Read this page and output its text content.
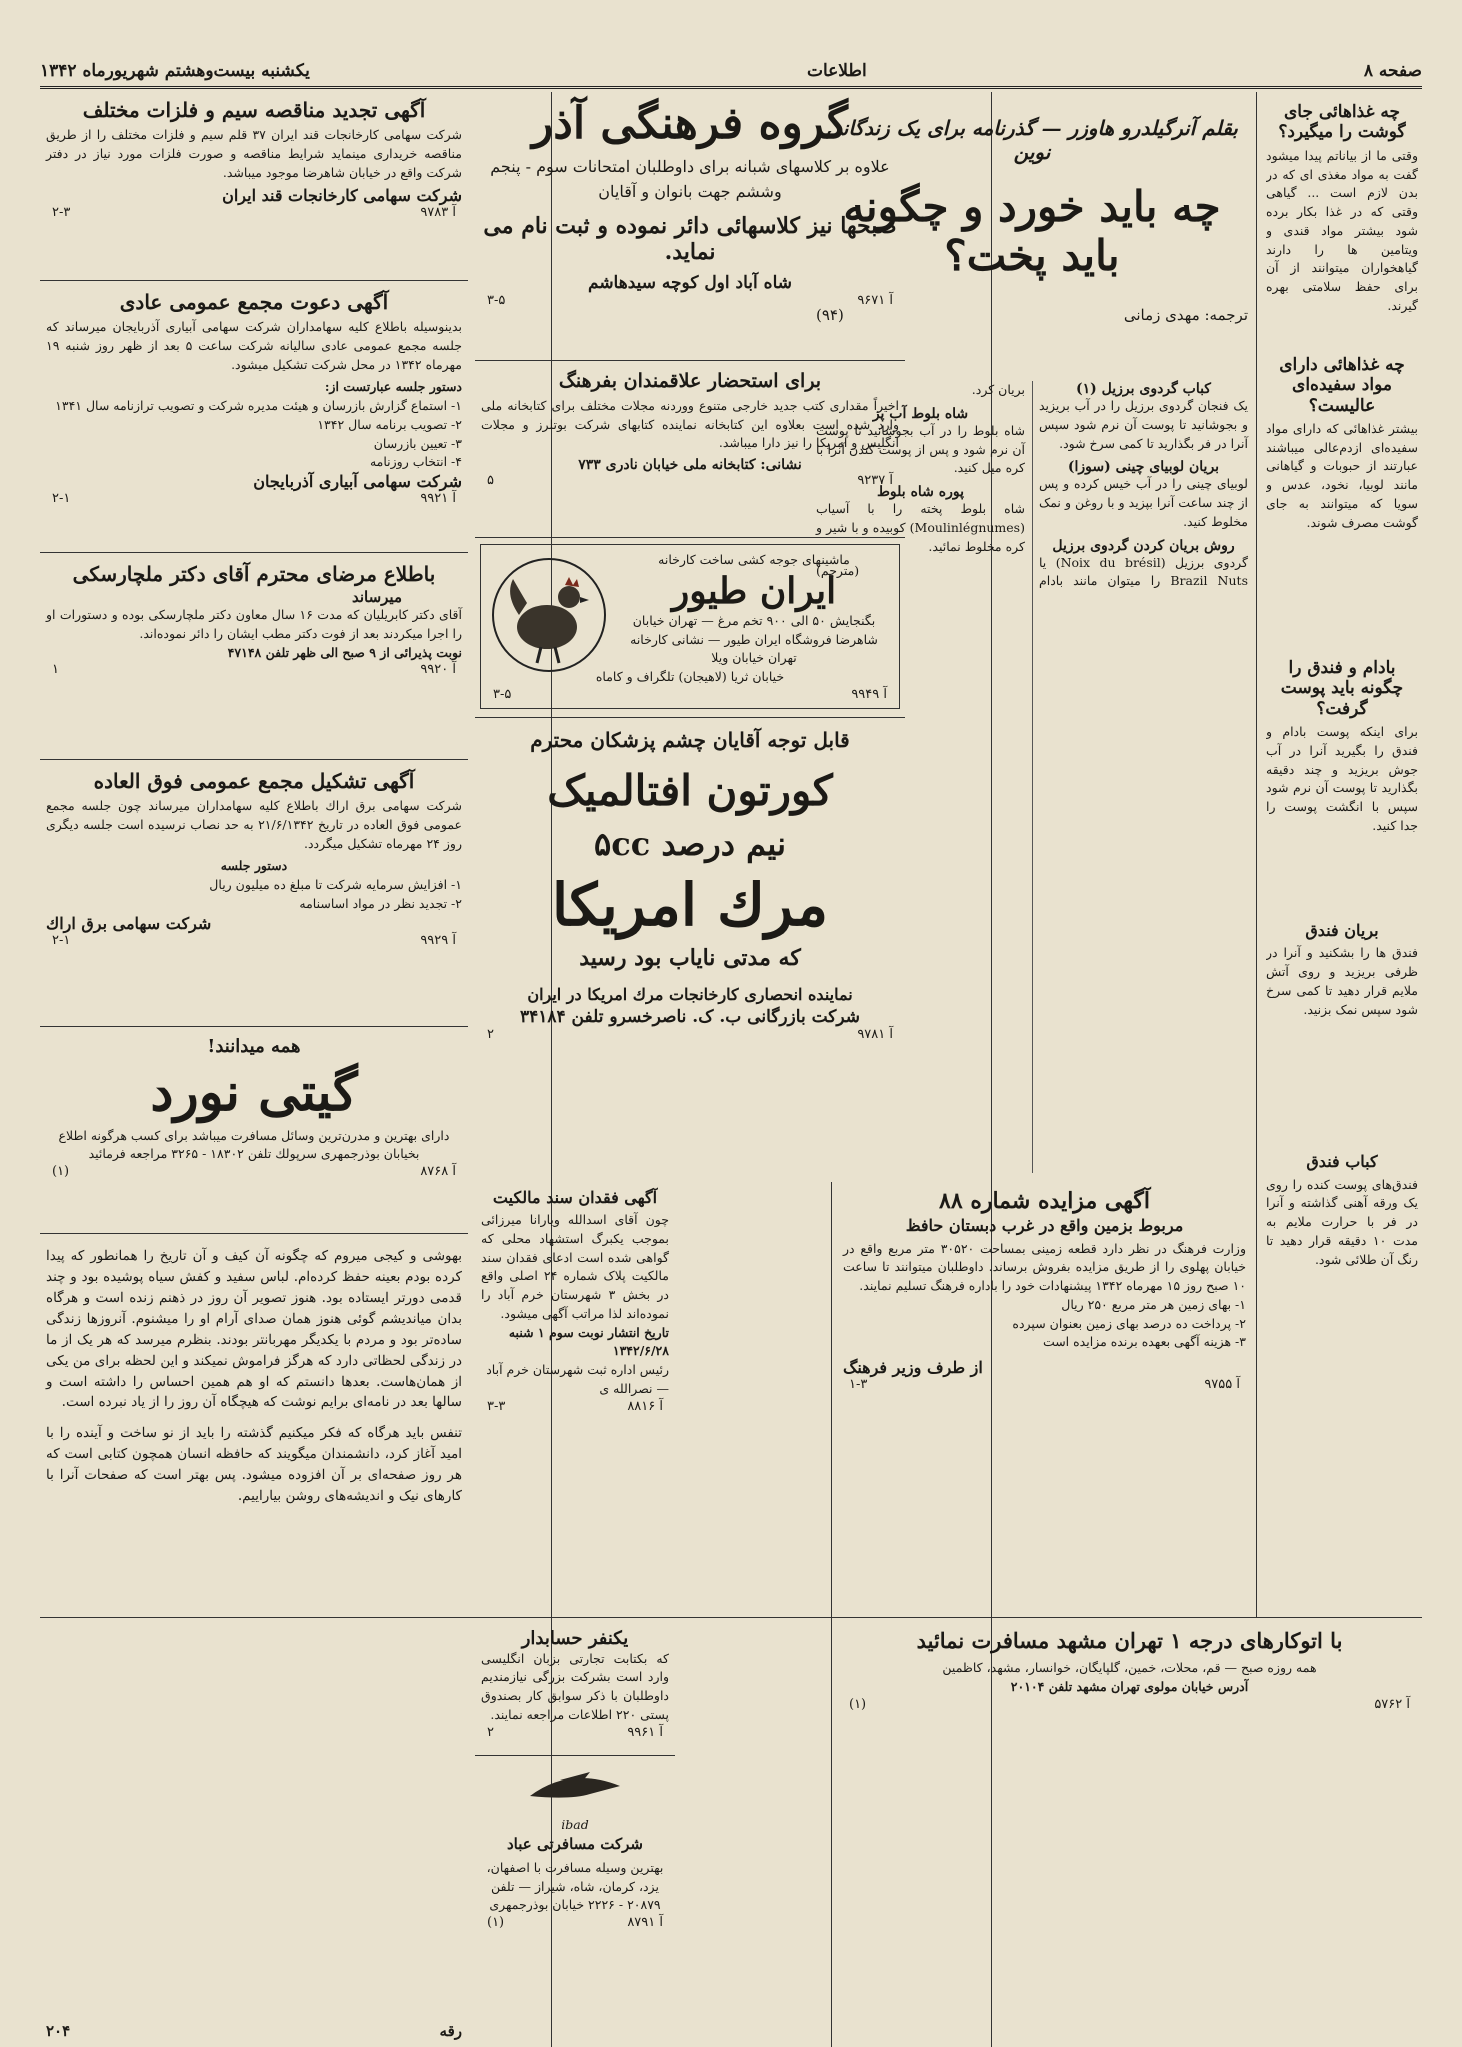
صفحه ۸
اطلاعات
یکشنبه بیست‌وهشتم شهریورماه ۱۳۴۲
چه غذاهائی جای گوشت را میگیرد؟
وقتی ما از بیاناتم پیدا میشود گفت به مواد مغذی ای که در بدن لازم است ... گیاهی وقتی که در غذا بکار برده شود بیشتر مواد قندی و ویتامین ها را دارند گیاهخواران میتوانند از آن برای حفظ سلامتی بهره گیرند.
چه غذاهائی دارای مواد سفیده‌ای عالیست؟
بیشتر غذاهائی که دارای مواد سفیده‌ای ازدم‌عالی میباشند عبارتند از حبوبات و گیاهانی مانند لوبیا، نخود، عدس و سویا که میتوانند به جای گوشت مصرف شوند.
بادام و فندق را چگونه باید پوست گرفت؟
برای اینکه پوست بادام و فندق را بگیرید آنرا در آب جوش بریزید و چند دقیقه بگذارید تا پوست آن نرم شود سپس با انگشت پوست را جدا کنید.
بریان فندق
فندق ها را بشکنید و آنرا در ظرفی بریزید و روی آتش ملایم قرار دهید تا کمی سرخ شود سپس نمک بزنید.
کباب فندق
فندق‌های پوست کنده را روی یک ورقه آهنی گذاشته و آنرا در فر با حرارت ملایم به مدت ۱۰ دقیقه قرار دهید تا رنگ آن طلائی شود.
بقلم آنرگیلدرو هاوزر — گذرنامه برای یک زندگانی نوین
چه باید خورد و چگونه باید پخت؟
ترجمه: مهدی زمانی
(۹۴)
کباب گردوی برزیل (۱)
یک فنجان گردوی برزیل را در آب بریزید و بجوشانید تا پوست آن نرم شود سپس آنرا در فر بگذارید تا کمی سرخ شود.
بریان لوبیای چینی (سوزا)
لوبیای چینی را در آب خیس کرده و پس از چند ساعت آنرا بپزید و با روغن و نمک مخلوط کنید.
روش بریان کردن گردوی برزیل
گردوی برزیل (Noix du brésil) یا Brazil Nuts را میتوان مانند بادام بریان کرد.
شاه بلوط آب پز
شاه بلوط را در آب بجوشانید تا پوست آن نرم شود و پس از پوست کندن آنرا با کره میل کنید.
پوره شاه بلوط
شاه بلوط پخته را با آسیاب (Moulinlégnumes) کوبیده و با شیر و کره مخلوط نمائید.
(مترجم)
گروه فرهنگی آذر
علاوه بر کلاسهای شبانه برای داوطلبان امتحانات سوم - پنجم وششم جهت بانوان و آقایان
صبحها نیز کلاسهائی دائر نموده و ثبت نام می نماید.
شاه آباد اول کوچه سیدهاشم
۳-۵	آ ۹۶۷۱
برای استحضار علاقمندان بفرهنگ
اخیراً مقداری کتب جدید خارجی متنوع ووردنه مجلات مختلف برای کتابخانه ملی وارد شده است بعلاوه این کتابخانه نماینده کتابهای شرکت بوتلرز و مجلات انگلیس و امریکا را نیز دارا میباشد.
نشانی: کتابخانه ملی خیابان نادری ۷۳۳
۵	آ ۹۲۳۷
ماشینهای جوجه کشی ساخت کارخانه
ایران طیور
بگنجایش ۵۰ الی ۹۰۰ تخم مرغ — تهران خیابان شاهرضا فروشگاه ایران طیور — نشانی کارخانه تهران خیابان ویلا
خیابان ثریا (لاهیجان) تلگراف و کاماه
۳-۵	آ ۹۹۴۹
قابل توجه آقایان چشم پزشکان محترم
کورتون افتالمیک
نیم درصد ۵cc
مرك امریکا
که مدتی نایاب بود رسید
نماینده انحصاری کارخانجات مرك امریکا در ایران
شرکت بازرگانی ب. ک. ناصرخسرو تلفن ۳۴۱۸۴
۲	آ ۹۷۸۱
آگهی تجدید مناقصه سیم و فلزات مختلف
شرکت سهامی کارخانجات قند ایران ۳۷ قلم سیم و فلزات مختلف را از طریق مناقصه خریداری مینماید شرایط مناقصه و صورت فلزات مورد نیاز در دفتر شرکت واقع در خیابان شاهرضا موجود میباشد.
شرکت سهامی کارخانجات قند ایران
۲-۳	آ ۹۷۸۳
آگهی دعوت مجمع عمومی عادی
بدینوسیله باطلاع کلیه سهامداران شرکت سهامی آبیاری آذربایجان میرساند که جلسه مجمع عمومی عادی سالیانه شرکت ساعت ۵ بعد از ظهر روز شنبه ۱۹ مهرماه ۱۳۴۲ در محل شرکت تشکیل میشود.
دستور جلسه عبارتست از:
۱- استماع گزارش بازرسان و هیئت مدیره شرکت و تصویب ترازنامه سال ۱۳۴۱
۲- تصویب برنامه سال ۱۳۴۲
۳- تعیین بازرسان
۴- انتخاب روزنامه
شرکت سهامی آبیاری آذربایجان
۲-۱	آ ۹۹۲۱
باطلاع مرضای محترم آقای دکتر ملچارسکی
میرساند
آقای دکتر کابریلیان که مدت ۱۶ سال معاون دکتر ملچارسکی بوده و دستورات او را اجرا میکردند بعد از فوت دکتر مطب ایشان را دائر نموده‌اند.
نوبت پذیرائی از ۹ صبح الی ظهر تلفن ۴۷۱۴۸
۱	آ ۹۹۲۰
آگهی تشکیل مجمع عمومی فوق العاده
شرکت سهامی برق اراك باطلاع کلیه سهامداران میرساند چون جلسه مجمع عمومی فوق العاده در تاریخ ۲۱/۶/۱۳۴۲ به حد نصاب نرسیده است جلسه دیگری روز ۲۴ مهرماه تشکیل میگردد.
دستور جلسه
۱- افزایش سرمایه شرکت تا مبلغ ده میلیون ریال
۲- تجدید نظر در مواد اساسنامه
شرکت سهامی برق اراك
۲-۱	آ ۹۹۲۹
همه میدانند!
گیتی نورد
دارای بهترین و مدرن‌ترین وسائل مسافرت میباشد برای کسب هرگونه اطلاع بخیابان بوذرجمهری سرپولك تلفن ۱۸۳۰۲ - ۳۲۶۵ مراجعه فرمائید
(۱)	آ ۸۷۶۸
آگهی مزایده شماره ۸۸
مربوط بزمین واقع در غرب دبستان حافظ
وزارت فرهنگ در نظر دارد قطعه زمینی بمساحت ۳۰۵۲۰ متر مربع واقع در خیابان پهلوی را از طریق مزایده بفروش برساند. داوطلبان میتوانند تا ساعت ۱۰ صبح روز ۱۵ مهرماه ۱۳۴۲ پیشنهادات خود را باداره فرهنگ تسلیم نمایند.
۱- بهای زمین هر متر مربع ۲۵۰ ریال
۲- پرداخت ده درصد بهای زمین بعنوان سپرده
۳- هزینه آگهی بعهده برنده مزایده است
از طرف وزیر فرهنگ
۱-۳	آ ۹۷۵۵
با اتوکارهای درجه ۱ تهران مشهد مسافرت نمائید
همه روزه صبح — قم، محلات، خمین، گلپایگان، خوانسار، مشهد، کاظمین
آدرس خیابان مولوی تهران مشهد تلفن ۲۰۱۰۴
(۱)	آ ۵۷۶۲
آگهی فقدان سند مالکیت
چون آقای اسدالله ویارانا میرزائی بموجب یکبرگ استشهاد محلی که گواهی شده است ادعای فقدان سند مالکیت پلاک شماره ۲۴ اصلی واقع در بخش ۳ شهرستان خرم آباد را نموده‌اند لذا مراتب آگهی میشود.
تاریخ انتشار نوبت سوم ۱ شنبه ۱۳۴۲/۶/۲۸
رئیس اداره ثبت شهرستان خرم آباد — نصرالله ی
۳-۳	آ ۸۸۱۶
یکنفر حسابدار
که بکتابت تجارتی بزبان انگلیسی وارد است بشرکت بزرگی نیازمندیم داوطلبان با ذکر سوابق کار بصندوق پستی ۲۲۰ اطلاعات مراجعه نمایند.
۲	آ ۹۹۶۱
ibad
شرکت مسافرتی عباد
بهترین وسیله مسافرت با اصفهان، یزد، کرمان، شاه، شیراز — تلفن ۲۰۸۷۹ - ۲۲۲۶ خیابان بوذرجمهری
(۱)	آ ۸۷۹۱
بهوشی و کیجی میروم که چگونه آن کیف و آن تاریخ را همانطور که پیدا کرده بودم بعینه حفظ کرده‌ام. لباس سفید و کفش سیاه پوشیده بود و چند قدمی دورتر ایستاده بود. هنوز تصویر آن روز در ذهنم زنده است و هرگاه بدان میاندیشم گوئی هنوز همان صدای آرام او را میشنوم. آنروزها زندگی ساده‌تر بود و مردم با یکدیگر مهربانتر بودند. بنظرم میرسد که هر یک از ما در زندگی لحظاتی دارد که هرگز فراموش نمیکند و این لحظه برای من یکی از همان‌هاست. بعدها دانستم که او هم همین احساس را داشته است و سالها بعد در نامه‌ای برایم نوشت که هیچگاه آن روز را از یاد نبرده است.
تنفس باید هرگاه که فکر میکنیم گذشته را باید از نو ساخت و آینده را با امید آغاز کرد، دانشمندان میگویند که حافظه انسان همچون کتابی است که هر روز صفحه‌ای بر آن افزوده میشود. پس بهتر است که صفحات آنرا با کارهای نیک و اندیشه‌های روشن بیاراییم.
رقه
۲۰۴
